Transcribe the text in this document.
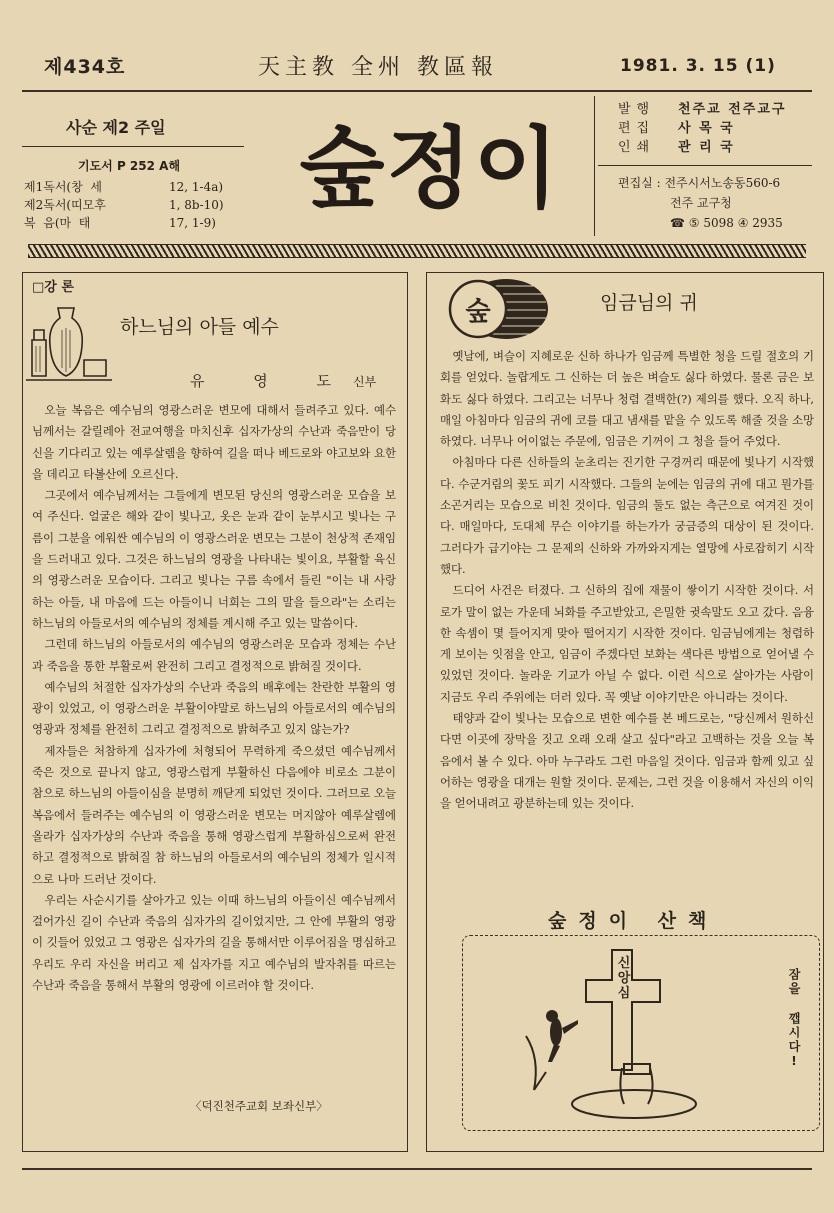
제434호	天主教 全州 教區報	1981. 3. 15 (1)
사순 제2 주일
기도서 P 252 A해
제1독서(창  세	12, 1-4a)
제2독서(띠모후	1, 8b-10)
복  음(마  태	17, 1-9)
숲정이
발행	천주교 전주교구
편집	사 목 국
인쇄	관 리 국
편집실 : 전주시서노송동560-6
전주 교구청
☎ ⑤ 5098 ④ 2935
□강 론
하느님의 아들 예수
유 영 도신부

오늘 복음은 예수님의 영광스러운 변모에 대해서 들려주고 있다. 예수님께서는 갈릴레아 전교여행을 마치신후 십자가상의 수난과 죽음만이 당신을 기다리고 있는 예루살렘을 향하여 길을 떠나 베드로와 야고보와 요한을 데리고 타볼산에 오르신다.

그곳에서 예수님께서는 그들에게 변모된 당신의 영광스러운 모습을 보여 주신다. 얼굴은 해와 같이 빛나고, 옷은 눈과 같이 눈부시고 빛나는 구름이 그분을 에워싼 예수님의 이 영광스러운 변모는 그분이 천상적 존재임을 드러내고 있다. 그것은 하느님의 영광을 나타내는 빛이요, 부활할 육신의 영광스러운 모습이다. 그리고 빛나는 구름 속에서 들린 "이는 내 사랑하는 아들, 내 마음에 드는 아들이니 너희는 그의 말을 들으라"는 소리는 하느님의 아들로서의 예수님의 정체를 계시해 주고 있는 말씀이다.

그런데 하느님의 아들로서의 예수님의 영광스러운 모습과 정체는 수난과 죽음을 통한 부활로써 완전히 그리고 결정적으로 밝혀질 것이다.

예수님의 처절한 십자가상의 수난과 죽음의 배후에는 찬란한 부활의 영광이 있었고, 이 영광스러운 부활이야말로 하느님의 아들로서의 예수님의 영광과 정체를 완전히 그리고 결정적으로 밝혀주고 있지 않는가?

제자들은 처참하게 십자가에 처형되어 무력하게 죽으셨던 예수님께서 죽은 것으로 끝나지 않고, 영광스럽게 부활하신 다음에야 비로소 그분이 참으로 하느님의 아들이심을 분명히 깨닫게 되었던 것이다. 그러므로 오늘 복음에서 들려주는 예수님의 이 영광스러운 변모는 머지않아 예루살렘에 올라가 십자가상의 수난과 죽음을 통해 영광스럽게 부활하심으로써 완전하고 결정적으로 밝혀질 참 하느님의 아들로서의 예수님의 정체가 일시적으로 나마 드러난 것이다.

우리는 사순시기를 살아가고 있는 이때 하느님의 아들이신 예수님께서 걸어가신 길이 수난과 죽음의 십자가의 길이었지만, 그 안에 부활의 영광이 깃들어 있었고 그 영광은 십자가의 길을 통해서만 이루어짐을 명심하고 우리도 우리 자신을 버리고 제 십자가를 지고 예수님의 발자취를 따르는 수난과 죽음을 통해서 부활의 영광에 이르러야 할 것이다.

〈덕진천주교회 보좌신부〉
숲	임금님의 귀

옛날에, 벼슬이 지혜로운 신하 하나가 임금께 특별한 청을 드릴 절호의 기회를 얻었다. 놀랍게도 그 신하는 더 높은 벼슬도 싫다 하였다. 물론 금은 보화도 싫다 하였다. 그리고는 너무나 청렴 결백한(?) 제의를 했다. 오직 하나, 매일 아침마다 임금의 귀에 코를 대고 냄새를 맡을 수 있도록 해줄 것을 소망하였다. 너무나 어이없는 주문에, 임금은 기꺼이 그 청을 들어 주었다.

아침마다 다른 신하들의 눈초리는 진기한 구경꺼리 때문에 빛나기 시작했다. 수군거림의 꽃도 피기 시작했다. 그들의 눈에는 임금의 귀에 대고 뭔가를 소곤거리는 모습으로 비친 것이다. 임금의 둘도 없는 측근으로 여겨진 것이다. 매일마다, 도대체 무슨 이야기를 하는가가 궁금증의 대상이 된 것이다. 그러다가 급기야는 그 문제의 신하와 가까와지게는 열망에 사로잡히기 시작했다.

드디어 사건은 터졌다. 그 신하의 집에 재물이 쌓이기 시작한 것이다. 서로가 말이 없는 가운데 뇌화를 주고받았고, 은밀한 귓속말도 오고 갔다. 음융한 속셈이 몇 들어지게 맞아 떨어지기 시작한 것이다. 임금님에게는 청렴하게 보이는 잇점을 안고, 임금이 주겠다던 보화는 색다른 방법으로 얻어낼 수 있었던 것이다. 놀라운 기교가 아닐 수 없다. 이런 식으로 살아가는 사람이 지금도 우리 주위에는 더러 있다. 꼭 옛날 이야기만은 아니라는 것이다.

태양과 같이 빛나는 모습으로 변한 예수를 본 베드로는, "당신께서 원하신다면 이곳에 장막을 짓고 오래 오래 살고 싶다"라고 고백하는 것을 오늘 복음에서 볼 수 있다. 아마 누구라도 그런 마음일 것이다. 임금과 함께 있고 싶어하는 영광을 대개는 원할 것이다. 문제는, 그런 것을 이용해서 자신의 이익을 얻어내려고 광분하는데 있는 것이다.

숲정이 산책
신앙심	잠을 깹시다!
